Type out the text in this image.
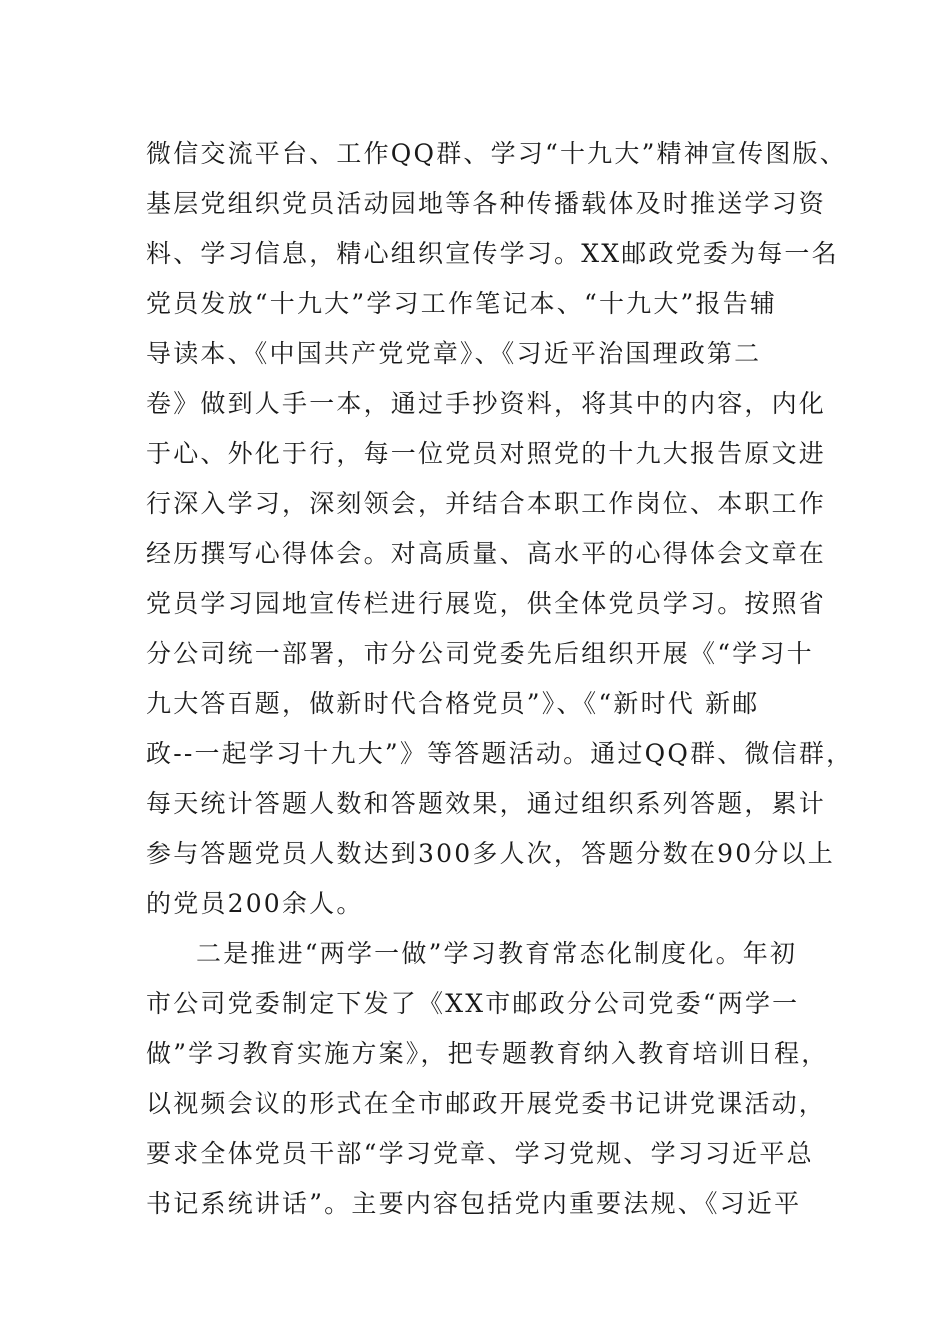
微信交流平台、工作QQ群、学习“十九大”精神宣传图版、
基层党组织党员活动园地等各种传播载体及时推送学习资
料、学习信息，精心组织宣传学习。XX邮政党委为每一名
党员发放“十九大”学习工作笔记本、“十九大”报告辅
导读本、《中国共产党党章》、《习近平治国理政第二
卷》做到人手一本，通过手抄资料，将其中的内容，内化
于心、外化于行，每一位党员对照党的十九大报告原文进
行深入学习，深刻领会，并结合本职工作岗位、本职工作
经历撰写心得体会。对高质量、高水平的心得体会文章在
党员学习园地宣传栏进行展览，供全体党员学习。按照省
分公司统一部署，市分公司党委先后组织开展《“学习十
九大答百题，做新时代合格党员”》、《“新时代 新邮
政--一起学习十九大”》等答题活动。通过QQ群、微信群，
每天统计答题人数和答题效果，通过组织系列答题，累计
参与答题党员人数达到300多人次，答题分数在90分以上
的党员200余人。
二是推进“两学一做”学习教育常态化制度化。年初
市公司党委制定下发了《XX市邮政分公司党委“两学一
做”学习教育实施方案》，把专题教育纳入教育培训日程，
以视频会议的形式在全市邮政开展党委书记讲党课活动，
要求全体党员干部“学习党章、学习党规、学习习近平总
书记系统讲话”。主要内容包括党内重要法规、《习近平
